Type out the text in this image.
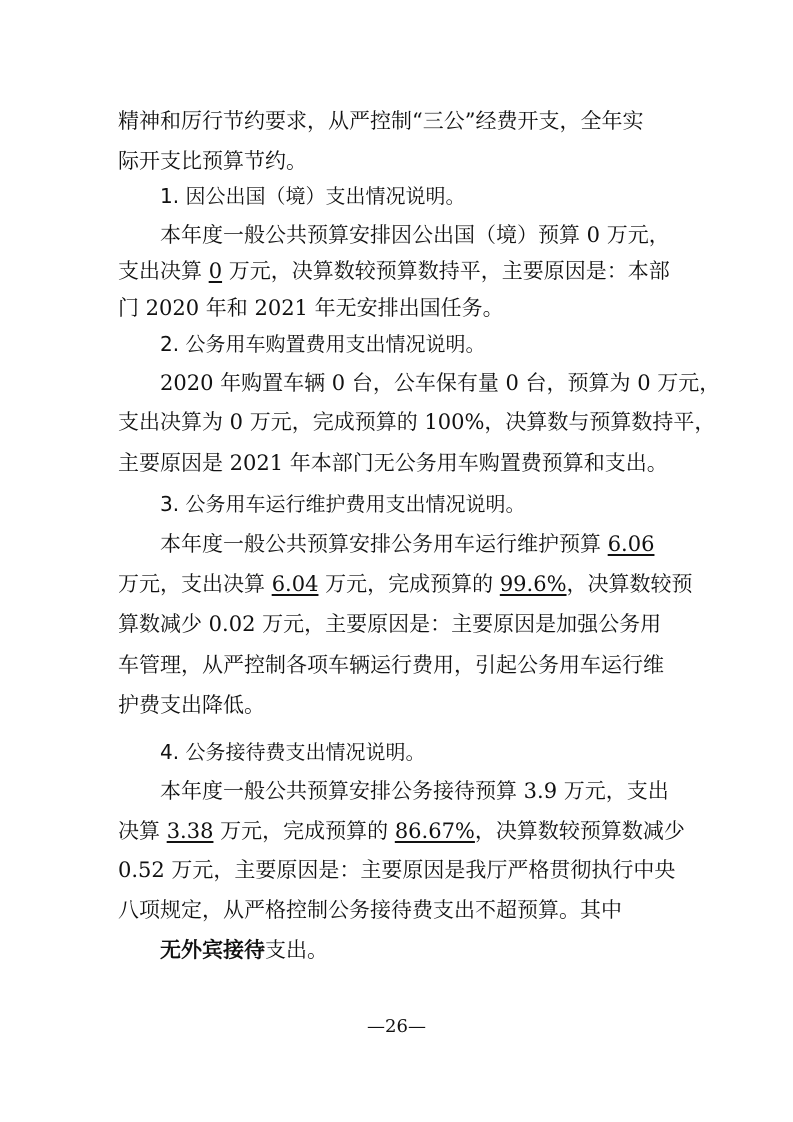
精神和厉行节约要求，从严控制“三公”经费开支，全年实
际开支比预算节约。
1. 因公出国（境）支出情况说明。
本年度一般公共预算安排因公出国（境）预算 0 万元，
支出决算 0 万元，决算数较预算数持平，主要原因是：本部
门 2020 年和 2021 年无安排出国任务。
2. 公务用车购置费用支出情况说明。
2020 年购置车辆 0 台，公车保有量 0 台，预算为 0 万元，
支出决算为 0 万元，完成预算的 100%，决算数与预算数持平，
主要原因是 2021 年本部门无公务用车购置费预算和支出。
3. 公务用车运行维护费用支出情况说明。
本年度一般公共预算安排公务用车运行维护预算 6.06
万元，支出决算 6.04 万元，完成预算的 99.6%，决算数较预
算数减少 0.02 万元，主要原因是：主要原因是加强公务用
车管理，从严控制各项车辆运行费用，引起公务用车运行维
护费支出降低。
4. 公务接待费支出情况说明。
本年度一般公共预算安排公务接待预算 3.9 万元，支出
决算 3.38 万元，完成预算的 86.67%，决算数较预算数减少
0.52 万元，主要原因是：主要原因是我厅严格贯彻执行中央
八项规定，从严格控制公务接待费支出不超预算。其中
无外宾接待支出。
—26—
